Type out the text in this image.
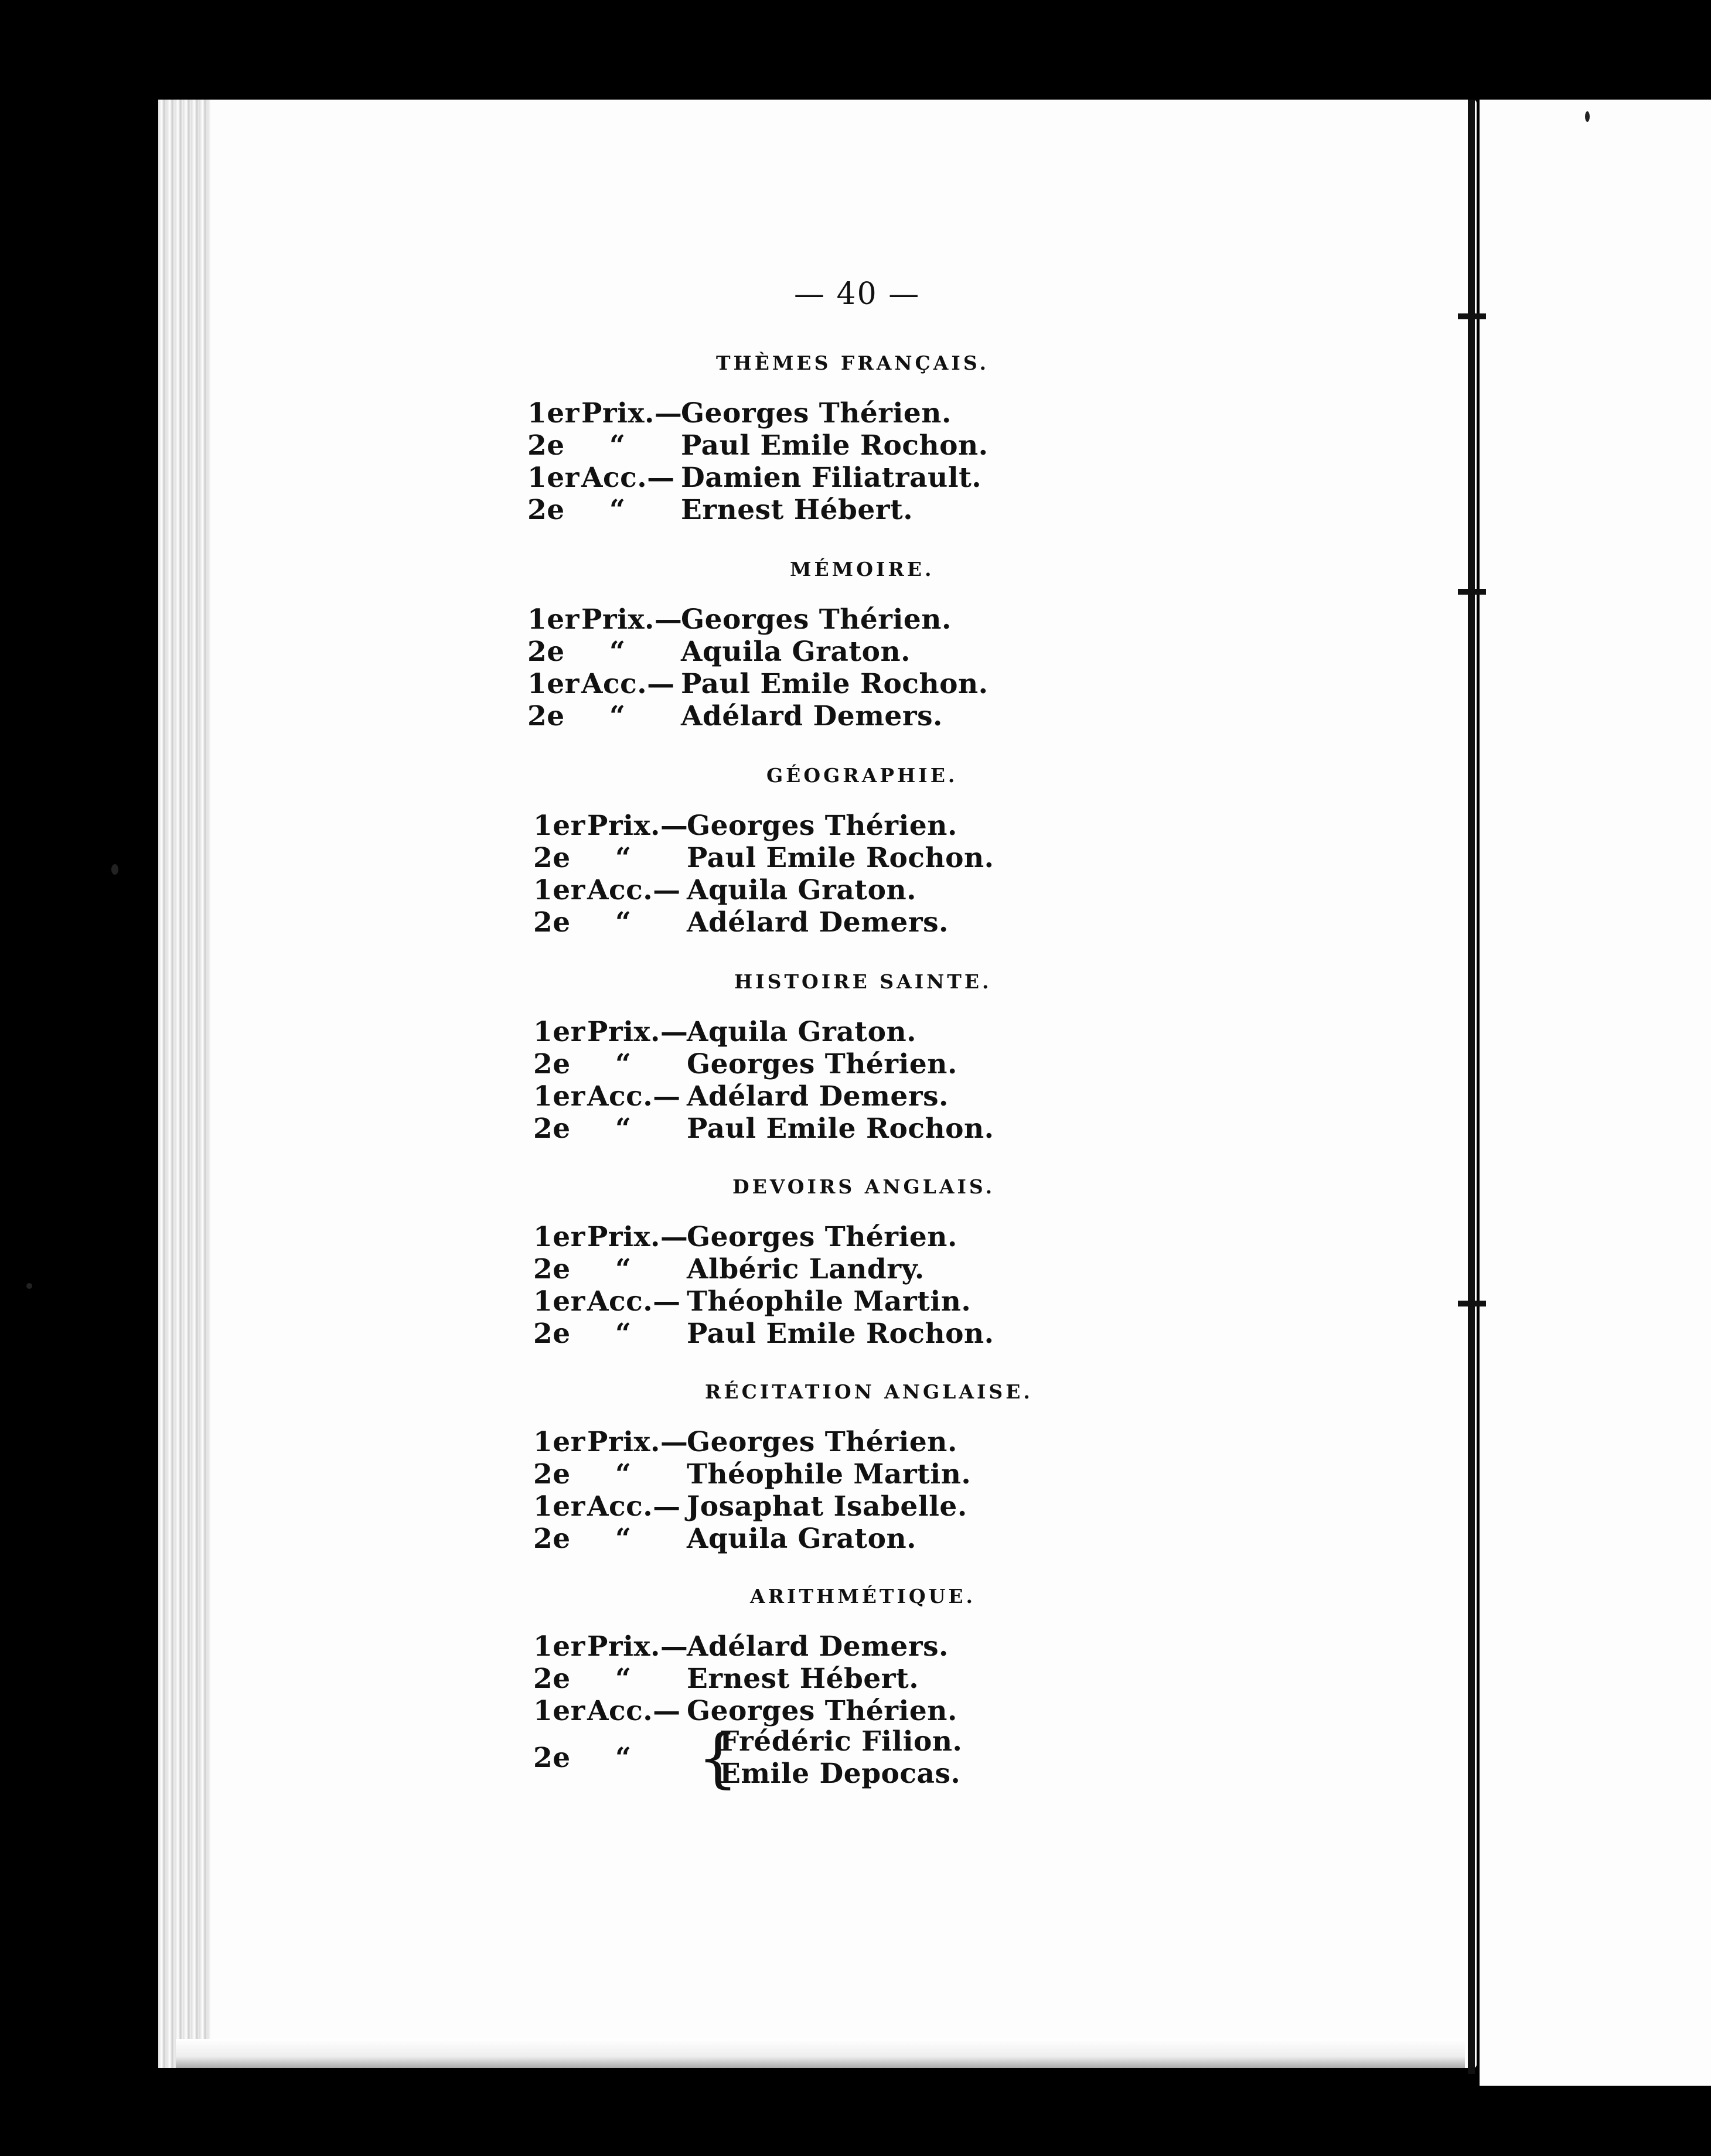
— 40 —
THÈMES FRANÇAIS.
1er Prix.—
Georges Thérien.
2e “ Paul Emile Rochon.
1er Acc.— Damien Filiatrault.
2e “ Ernest Hébert.
MÉMOIRE.
1er Prix.—
Georges Thérien.
2e “ Aquila Graton.
1er Acc.— Paul Emile Rochon.
2e “ Adélard Demers.
GÉOGRAPHIE.
1er Prix.—
Georges Thérien.
2e “ Paul Emile Rochon.
1er Acc.— Aquila Graton.
2e “ Adélard Demers.
HISTOIRE SAINTE.
1er Prix.—
Aquila Graton.
2e “ Georges Thérien.
1er Acc.— Adélard Demers.
2e “ Paul Emile Rochon.
DEVOIRS ANGLAIS.
1er Prix.—
Georges Thérien.
2e “ Albéric Landry.
1er Acc.— Théophile Martin.
2e “ Paul Emile Rochon.
RÉCITATION ANGLAISE.
1er Prix.—
Georges Thérien.
2e “ Théophile Martin.
1er Acc.— Josaphat Isabelle.
2e “ Aquila Graton.
ARITHMÉTIQUE.
1er Prix.—
Adélard Demers.
2e “ Ernest Hébert.
1er Acc.— Georges Thérien.
2e “
Frédéric Filion.
Emile Depocas.
{
